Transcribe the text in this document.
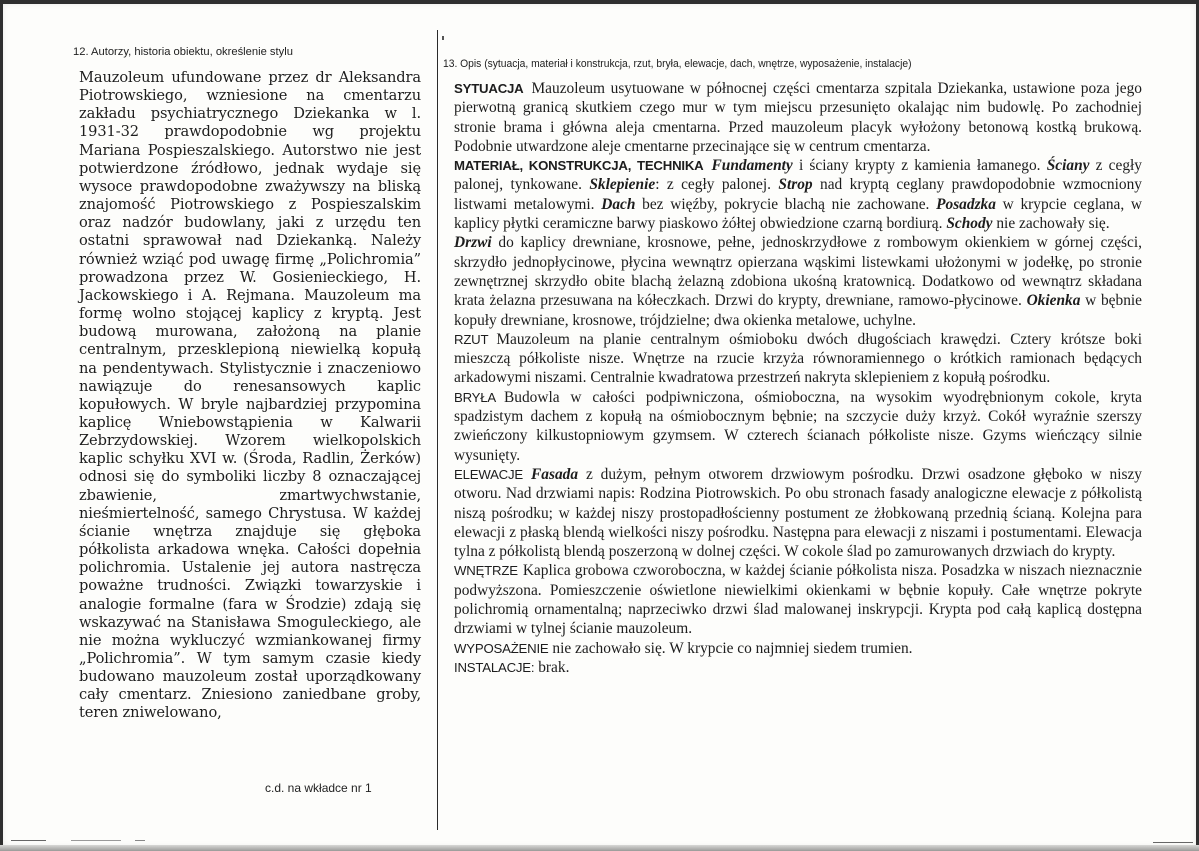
12. Autorzy, historia obiektu, określenie stylu

Mauzoleum ufundowane przez dr Aleksandra Piotrowskiego, wzniesione na cmentarzu zakładu psychiatrycznego Dziekanka w l. 1931-32 prawdopodobnie wg projektu Mariana Pospieszalskiego. Autorstwo nie jest potwierdzone źródłowo, jednak wydaje się wysoce prawdopodobne zważywszy na bliską znajomość Piotrowskiego z Pospieszalskim oraz nadzór budowlany, jaki z urzędu ten ostatni sprawował nad Dziekanką. Należy również wziąć pod uwagę firmę „Polichromia” prowadzona przez W. Gosienieckiego, H. Jackowskiego i A. Rejmana. Mauzoleum ma formę wolno stojącej kaplicy z kryptą. Jest budową murowana, założoną na planie centralnym, przesklepioną niewielką kopułą na pendentywach. Stylistycznie i znaczeniowo nawiązuje do renesansowych kaplic kopułowych. W bryle najbardziej przypomina kaplicę Wniebowstąpienia w Kalwarii Zebrzydowskiej. Wzorem wielkopolskich kaplic schyłku XVI w. (Środa, Radlin, Żerków) odnosi się do symboliki liczby 8 oznaczającej zbawienie, zmartwychwstanie, nieśmiertelność, samego Chrystusa. W każdej ścianie wnętrza znajduje się głęboka półkolista arkadowa wnęka. Całości dopełnia polichromia. Ustalenie jej autora nastręcza poważne trudności. Związki towarzyskie i analogie formalne (fara w Środzie) zdają się wskazywać na Stanisława Smoguleckiego, ale nie można wykluczyć wzmiankowanej firmy „Polichromia”. W tym samym czasie kiedy budowano mauzoleum został uporządkowany cały cmentarz. Zniesiono zaniedbane groby, teren zniwelowano,

c.d. na wkładce nr 1
13. Opis (sytuacja, materiał i konstrukcja, rzut, bryła, elewacje, dach, wnętrze, wyposażenie, instalacje)

SYTUACJA Mauzoleum usytuowane w północnej części cmentarza szpitala Dziekanka, ustawione poza jego pierwotną granicą skutkiem czego mur w tym miejscu przesunięto okalając nim budowlę. Po zachodniej stronie brama i główna aleja cmentarna. Przed mauzoleum placyk wyłożony betonową kostką brukową. Podobnie utwardzone aleje cmentarne przecinające się w centrum cmentarza.

MATERIAŁ, KONSTRUKCJA, TECHNIKA Fundamenty i ściany krypty z kamienia łamanego. Ściany z cegły palonej, tynkowane. Sklepienie: z cegły palonej. Strop nad kryptą ceglany prawdopodobnie wzmocniony listwami metalowymi. Dach bez więźby, pokrycie blachą nie zachowane. Posadzka w krypcie ceglana, w kaplicy płytki ceramiczne barwy piaskowo żółtej obwiedzione czarną bordiurą. Schody nie zachowały się.

Drzwi do kaplicy drewniane, krosnowe, pełne, jednoskrzydłowe z rombowym okienkiem w górnej części, skrzydło jednopłycinowe, płycina wewnątrz opierzana wąskimi listewkami ułożonymi w jodełkę, po stronie zewnętrznej skrzydło obite blachą żelazną zdobiona ukośną kratownicą. Dodatkowo od wewnątrz składana krata żelazna przesuwana na kółeczkach. Drzwi do krypty, drewniane, ramowo-płycinowe. Okienka w bębnie kopuły drewniane, krosnowe, trójdzielne; dwa okienka metalowe, uchylne.

RZUT Mauzoleum na planie centralnym ośmioboku dwóch długościach krawędzi. Cztery krótsze boki mieszczą półkoliste nisze. Wnętrze na rzucie krzyża równoramiennego o krótkich ramionach będących arkadowymi niszami. Centralnie kwadratowa przestrzeń nakryta sklepieniem z kopułą pośrodku.

BRYŁA Budowla w całości podpiwniczona, ośmioboczna, na wysokim wyodrębnionym cokole, kryta spadzistym dachem z kopułą na ośmiobocznym bębnie; na szczycie duży krzyż. Cokół wyraźnie szerszy zwieńczony kilkustopniowym gzymsem. W czterech ścianach półkoliste nisze. Gzyms wieńczący silnie wysunięty.

ELEWACJE Fasada z dużym, pełnym otworem drzwiowym pośrodku. Drzwi osadzone głęboko w niszy otworu. Nad drzwiami napis: Rodzina Piotrowskich. Po obu stronach fasady analogiczne elewacje z półkolistą niszą pośrodku; w każdej niszy prostopadłościenny postument ze żłobkowaną przednią ścianą. Kolejna para elewacji z płaską blendą wielkości niszy pośrodku. Następna para elewacji z niszami i postumentami. Elewacja tylna z półkolistą blendą poszerzoną w dolnej części. W cokole ślad po zamurowanych drzwiach do krypty.

WNĘTRZE Kaplica grobowa czworoboczna, w każdej ścianie półkolista nisza. Posadzka w niszach nieznacznie podwyższona. Pomieszczenie oświetlone niewielkimi okienkami w bębnie kopuły. Całe wnętrze pokryte polichromią ornamentalną; naprzeciwko drzwi ślad malowanej inskrypcji. Krypta pod całą kaplicą dostępna drzwiami w tylnej ścianie mauzoleum.

WYPOSAŻENIE nie zachowało się. W krypcie co najmniej siedem trumien.

INSTALACJE: brak.
